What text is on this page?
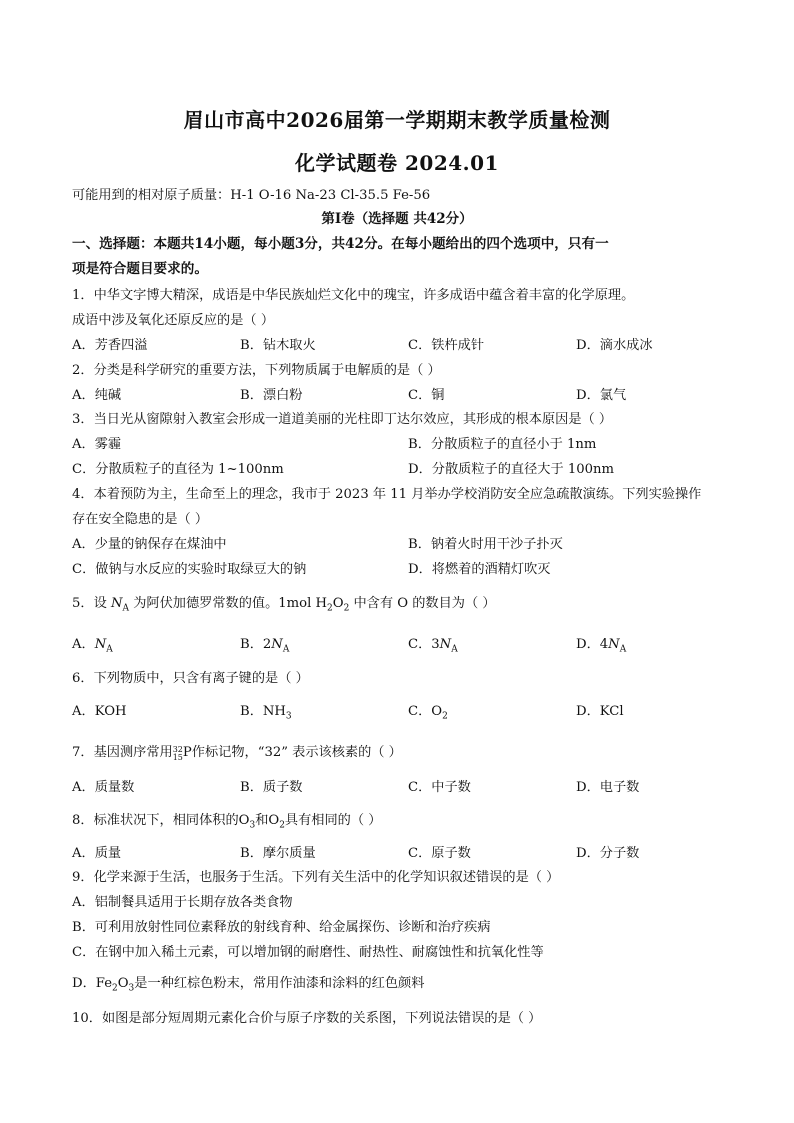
眉山市高中2026届第一学期期末教学质量检测
化学试题卷 2024.01
可能用到的相对原子质量：H-1 O-16 Na-23 Cl-35.5 Fe-56
第Ⅰ卷（选择题 共42分）
一、选择题：本题共14小题，每小题3分，共42分。在每小题给出的四个选项中，只有一
项是符合题目要求的。
1．中华文字博大精深，成语是中华民族灿烂文化中的瑰宝，许多成语中蕴含着丰富的化学原理。
成语中涉及氧化还原反应的是（ ）
A．芳香四溢	B．钻木取火	C．铁杵成针	D．滴水成冰
2．分类是科学研究的重要方法，下列物质属于电解质的是（ ）
A．纯碱	B．漂白粉	C．铜	D．氯气
3．当日光从窗隙射入教室会形成一道道美丽的光柱即丁达尔效应，其形成的根本原因是（ ）
A．雾霾	B．分散质粒子的直径小于 1nm
C．分散质粒子的直径为 1~100nm	D．分散质粒子的直径大于 100nm
4．本着预防为主，生命至上的理念，我市于 2023 年 11 月举办学校消防安全应急疏散演练。下列实验操作
存在安全隐患的是（ ）
A．少量的钠保存在煤油中	B．钠着火时用干沙子扑灭
C．做钠与水反应的实验时取绿豆大的钠	D．将燃着的酒精灯吹灭
5．设 $N_A$ 为阿伏加德罗常数的值。1mol $H_2O_2$ 中含有 O 的数目为（ ）
A．$N_A$	B．$2N_A$	C．$3N_A$	D．$4N_A$
6．下列物质中，只含有离子键的是（ ）
A．KOH	B．$NH_3$	C．$O_2$	D．KCl
7．基因测序常用 32
15 P作标记物，“32” 表示该核素的（ ）
A．质量数	B．质子数	C．中子数	D．电子数
8．标准状况下，相同体积的$O_3$和$O_2$具有相同的（ ）
A．质量	B．摩尔质量	C．原子数	D．分子数
9．化学来源于生活，也服务于生活。下列有关生活中的化学知识叙述错误的是（ ）
A．铝制餐具适用于长期存放各类食物
B．可利用放射性同位素释放的射线育种、给金属探伤、诊断和治疗疾病
C．在钢中加入稀土元素，可以增加钢的耐磨性、耐热性、耐腐蚀性和抗氧化性等
D．$Fe_2O_3$是一种红棕色粉末，常用作油漆和涂料的红色颜料
10．如图是部分短周期元素化合价与原子序数的关系图，下列说法错误的是（ ）
